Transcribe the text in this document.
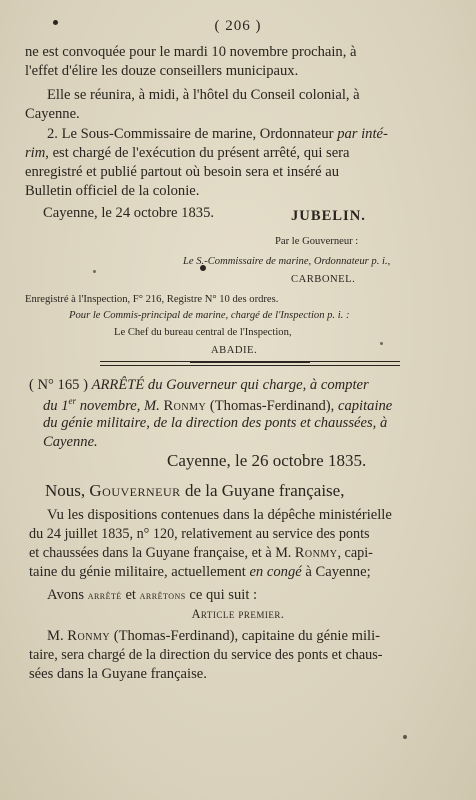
( 206 )
ne est convoquée pour le mardi 10 novembre prochain, à
l'effet d'élire les douze conseillers municipaux.
Elle se réunira, à midi, à l'hôtel du Conseil colonial, à
Cayenne.
2. Le Sous-Commissaire de marine, Ordonnateur par inté-
rim, est chargé de l'exécution du présent arrêté, qui sera
enregistré et publié partout où besoin sera et inséré au
Bulletin officiel de la colonie.
Cayenne, le 24 octobre 1835.	JUBELIN.
Par le Gouverneur :
Le S.-Commissaire de marine, Ordonnateur p. i.,
CARBONEL.
Enregistré à l'Inspection, F° 216, Registre N° 10 des ordres.
Pour le Commis-principal de marine, chargé de l'Inspection p. i. :
Le Chef du bureau central de l'Inspection,
ABADIE.
( N° 165 ) ARRÊTÉ du Gouverneur qui charge, à compter
du 1er novembre, M. Ronmy (Thomas-Ferdinand), capitaine
du génie militaire, de la direction des ponts et chaussées, à
Cayenne.
Cayenne, le 26 octobre 1835.
Nous, Gouverneur de la Guyane française,
Vu les dispositions contenues dans la dépêche ministérielle
du 24 juillet 1835, n° 120, relativement au service des ponts
et chaussées dans la Guyane française, et à M. Ronmy, capi-
taine du génie militaire, actuellement en congé à Cayenne;
Avons arrêté et arrêtons ce qui suit :
Article premier.
M. Ronmy (Thomas-Ferdinand), capitaine du génie mili-
taire, sera chargé de la direction du service des ponts et chaus-
sées dans la Guyane française.
